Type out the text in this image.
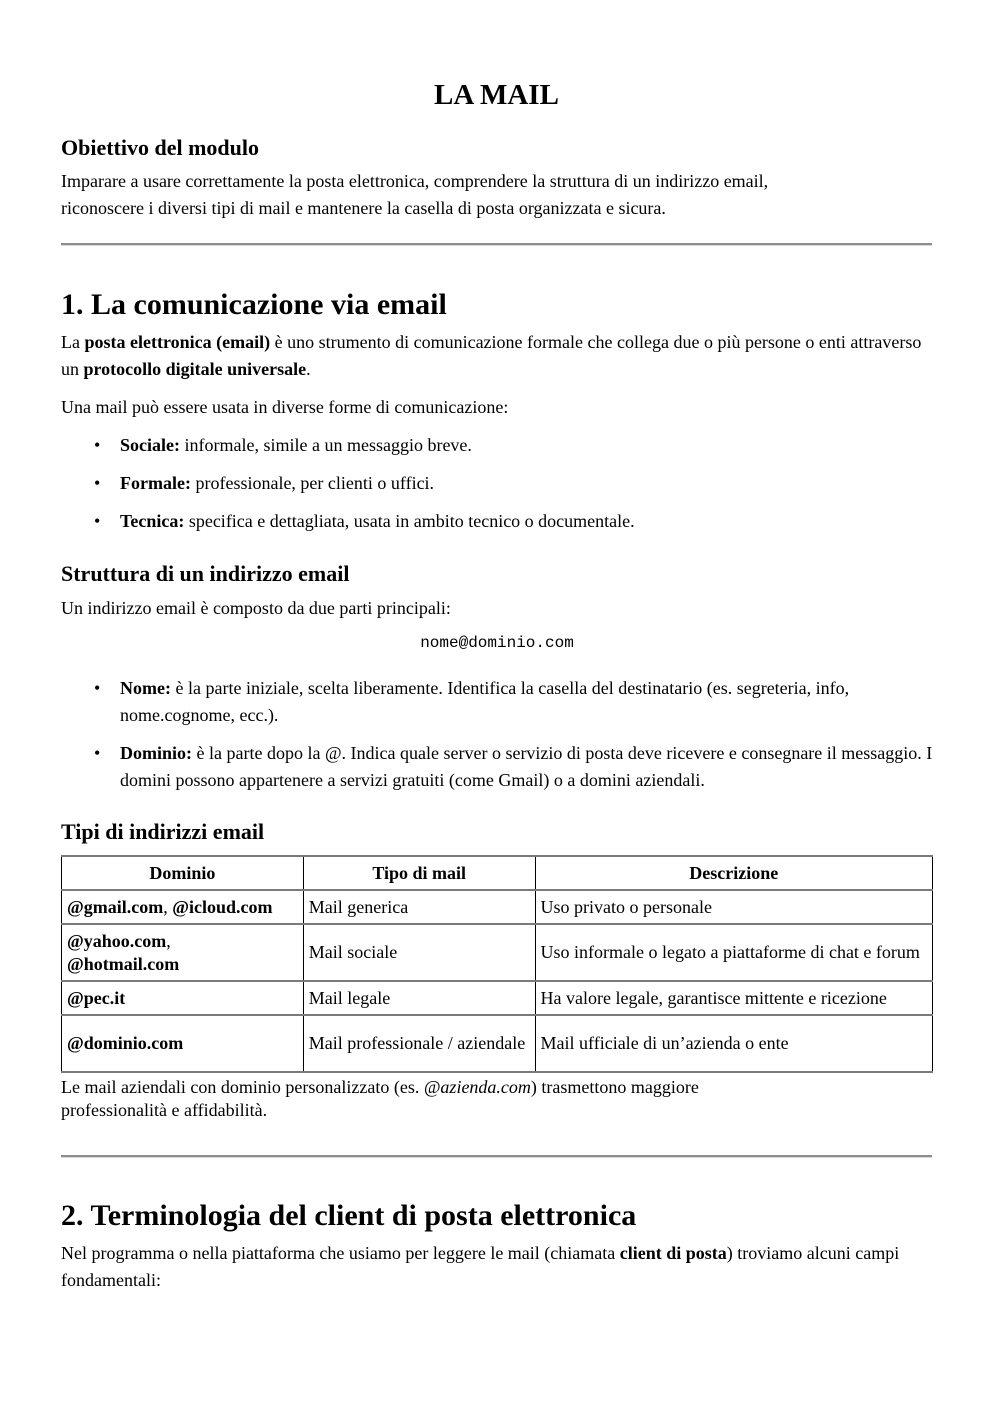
LA MAIL
Obiettivo del modulo

Imparare a usare correttamente la posta elettronica, comprendere la struttura di un indirizzo email,
riconoscere i diversi tipi di mail e mantenere la casella di posta organizzata e sicura.

1. La comunicazione via email

La posta elettronica (email) è uno strumento di comunicazione formale che collega due o più persone o enti attraverso un protocollo digitale universale.

Una mail può essere usata in diverse forme di comunicazione:

• Sociale: informale, simile a un messaggio breve.
• Formale: professionale, per clienti o uffici.
• Tecnica: specifica e dettagliata, usata in ambito tecnico o documentale.
Struttura di un indirizzo email

Un indirizzo email è composto da due parti principali:

nome@dominio.com

• Nome: è la parte iniziale, scelta liberamente. Identifica la casella del destinatario (es. segreteria, info, nome.cognome, ecc.).
• Dominio: è la parte dopo la @. Indica quale server o servizio di posta deve ricevere e consegnare il messaggio. I domini possono appartenere a servizi gratuiti (come Gmail) o a domini aziendali.
Tipi di indirizzi email
Dominio	Tipo di mail	Descrizione
@gmail.com, @icloud.com	Mail generica	Uso privato o personale
@yahoo.com,
@hotmail.com	Mail sociale	Uso informale o legato a piattaforme di chat e forum
@pec.it	Mail legale	Ha valore legale, garantisce mittente e ricezione
@dominio.com	Mail professionale / aziendale	Mail ufficiale di un’azienda o ente

Le mail aziendali con dominio personalizzato (es. @azienda.com) trasmettono maggiore
professionalità e affidabilità.

2. Terminologia del client di posta elettronica

Nel programma o nella piattaforma che usiamo per leggere le mail (chiamata client di posta) troviamo alcuni campi fondamentali:
